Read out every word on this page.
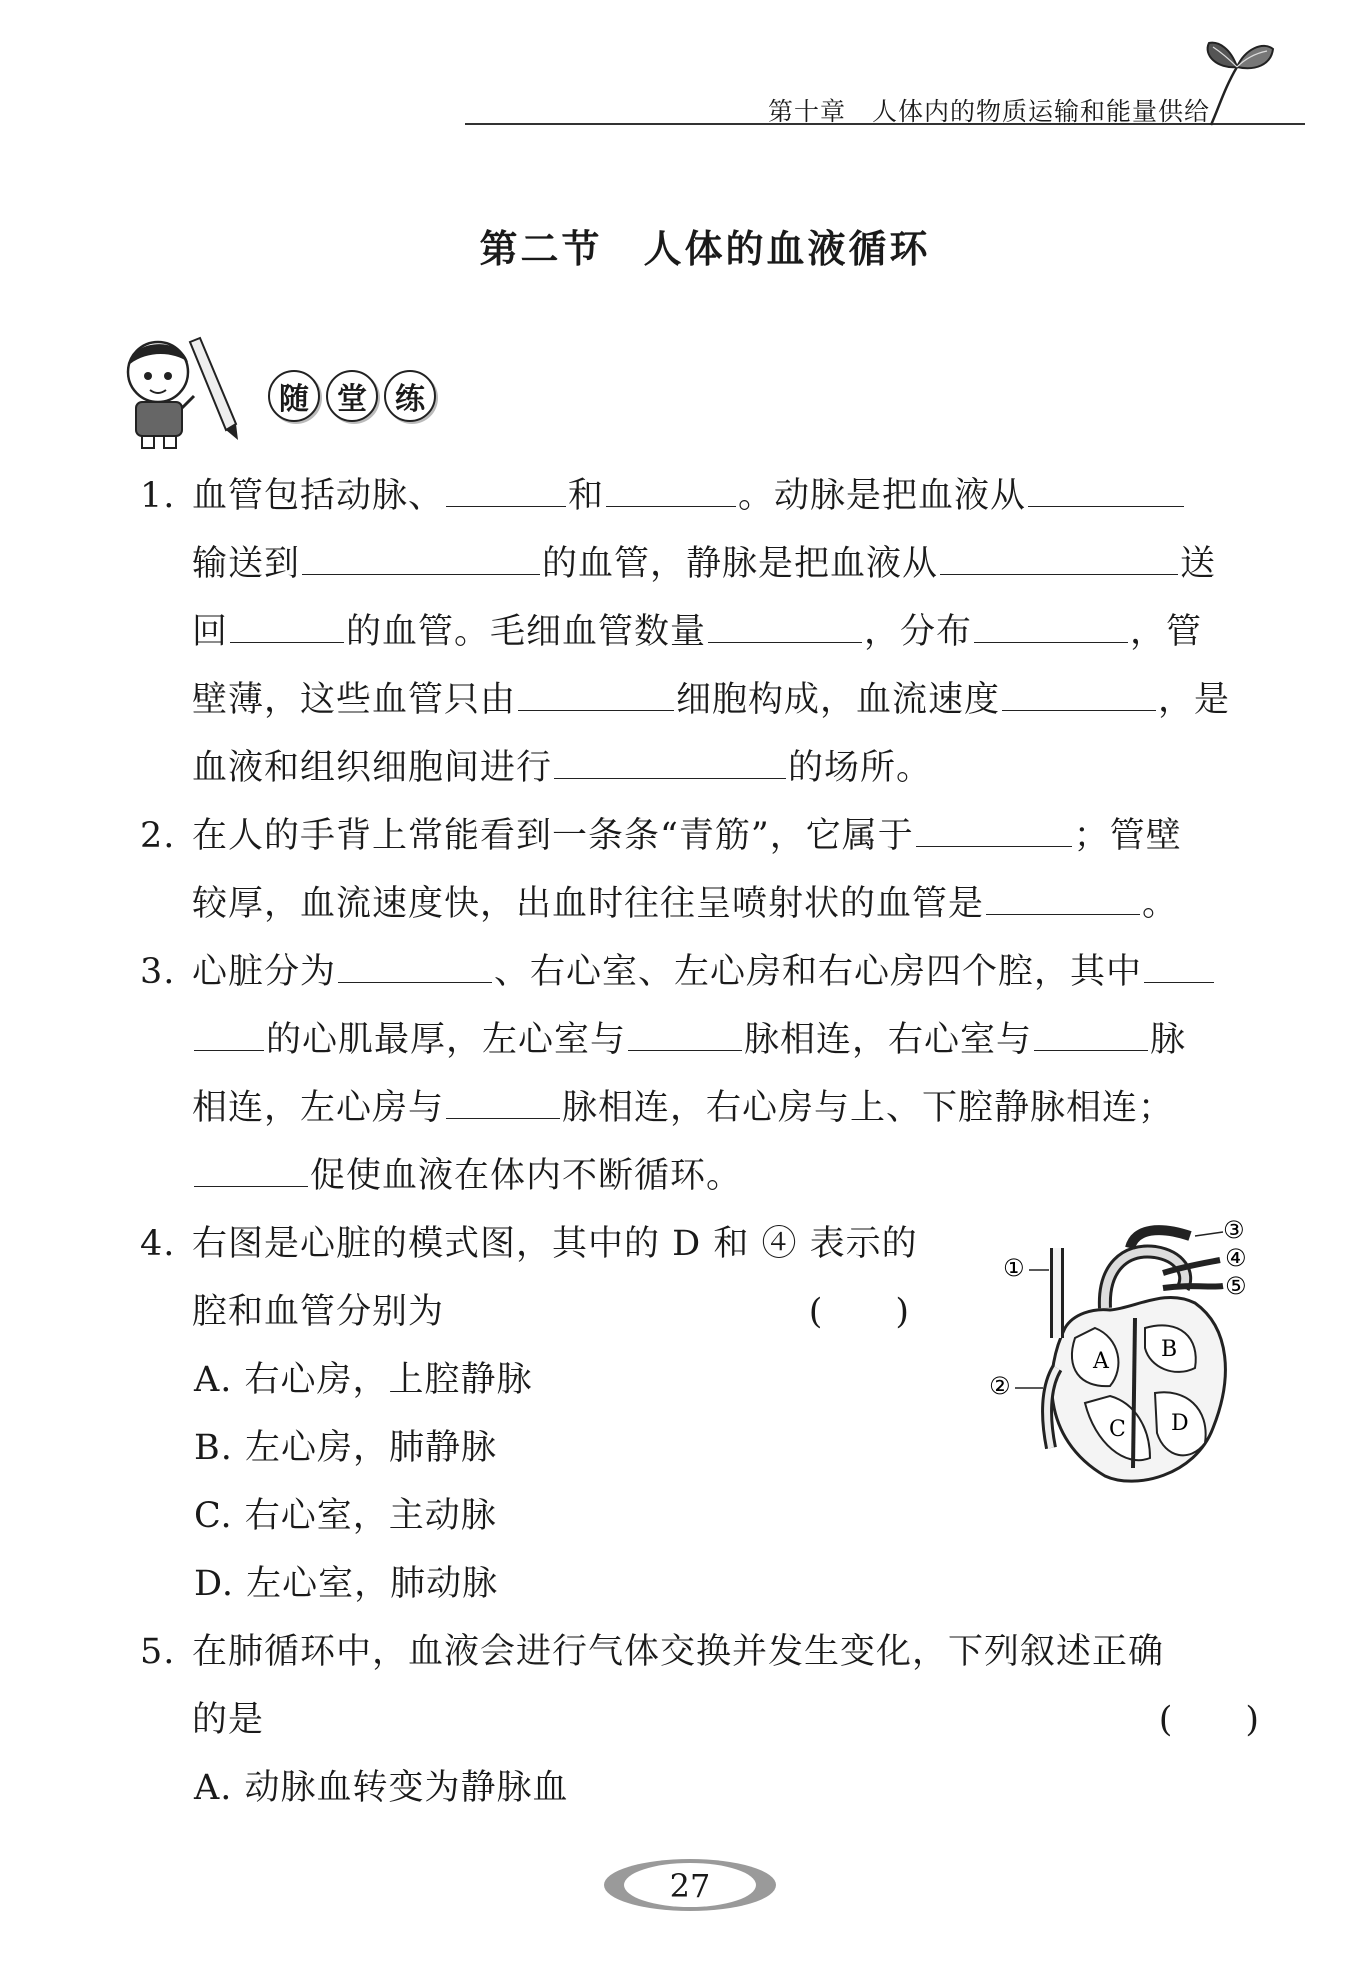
第十章　人体内的物质运输和能量供给
第二节　人体的血液循环
随 堂 练
1. 血管包括动脉、	和	。动脉是把血液从
输送到	的血管，静脉是把血液从	送
回	的血管。毛细血管数量	，分布	，管
壁薄，这些血管只由	细胞构成，血流速度	，是
血液和组织细胞间进行	的场所。
2. 在人的手背上常能看到一条条“青筋”，它属于	；管壁
较厚，血流速度快，出血时往往呈喷射状的血管是	。
3. 心脏分为	、右心室、左心房和右心房四个腔，其中
的心肌最厚，左心室与	脉相连，右心室与	脉
相连，左心房与	脉相连，右心房与上、下腔静脉相连；
促使血液在体内不断循环。
4. 右图是心脏的模式图，其中的 D 和 ④ 表示的
腔和血管分别为	(　　)
A. 右心房，上腔静脉
B. 左心房，肺静脉
C. 右心室，主动脉
D. 左心室，肺动脉
A B
C D
①
②
③
④
⑤
5. 在肺循环中，血液会进行气体交换并发生变化，下列叙述正确
的是	(　　)
A. 动脉血转变为静脉血
27
